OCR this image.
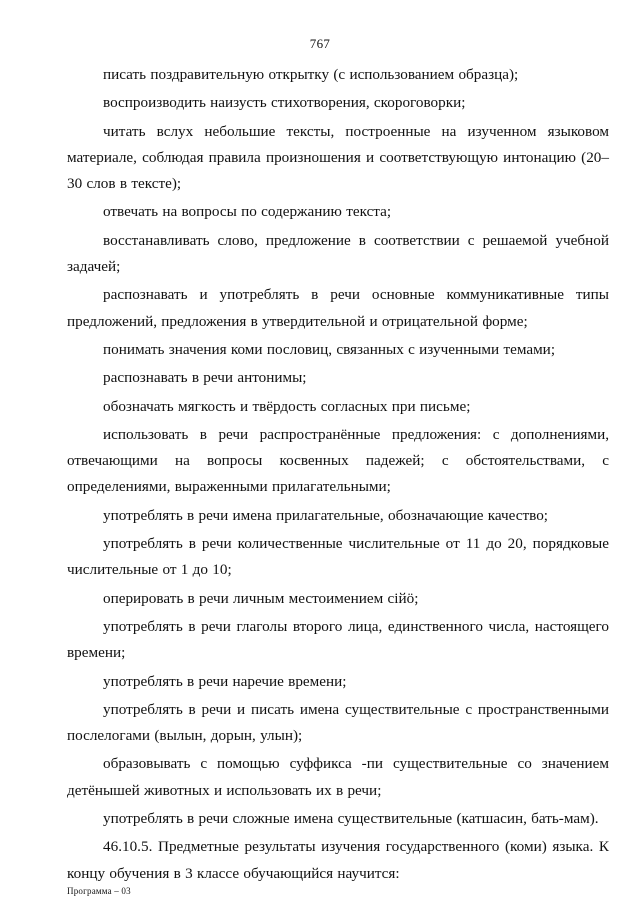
767

писать поздравительную открытку (с использованием образца);

воспроизводить наизусть стихотворения, скороговорки;

читать вслух небольшие тексты, построенные на изученном языковом материале, соблюдая правила произношения и соответствующую интонацию (20–30 слов в тексте);

отвечать на вопросы по содержанию текста;

восстанавливать слово, предложение в соответствии с решаемой учебной задачей;

распознавать и употреблять в речи основные коммуникативные типы предложений, предложения в утвердительной и отрицательной форме;

понимать значения коми пословиц, связанных с изученными темами;

распознавать в речи антонимы;

обозначать мягкость и твёрдость согласных при письме;

использовать в речи распространённые предложения: с дополнениями, отвечающими на вопросы косвенных падежей; с обстоятельствами, с определениями, выраженными прилагательными;

употреблять в речи имена прилагательные, обозначающие качество;

употреблять в речи количественные числительные от 11 до 20, порядковые числительные от 1 до 10;

оперировать в речи личным местоимением сійӧ;

употреблять в речи глаголы второго лица, единственного числа, настоящего времени;

употреблять в речи наречие времени;

употреблять в речи и писать имена существительные с пространственными послелогами (вылын, дорын, улын);

образовывать с помощью суффикса -пи существительные со значением детёнышей животных и использовать их в речи;

употреблять в речи сложные имена существительные (катшасин, бать-мам).

46.10.5. Предметные результаты изучения государственного (коми) языка. К концу обучения в 3 классе обучающийся научится:

Программа – 03
